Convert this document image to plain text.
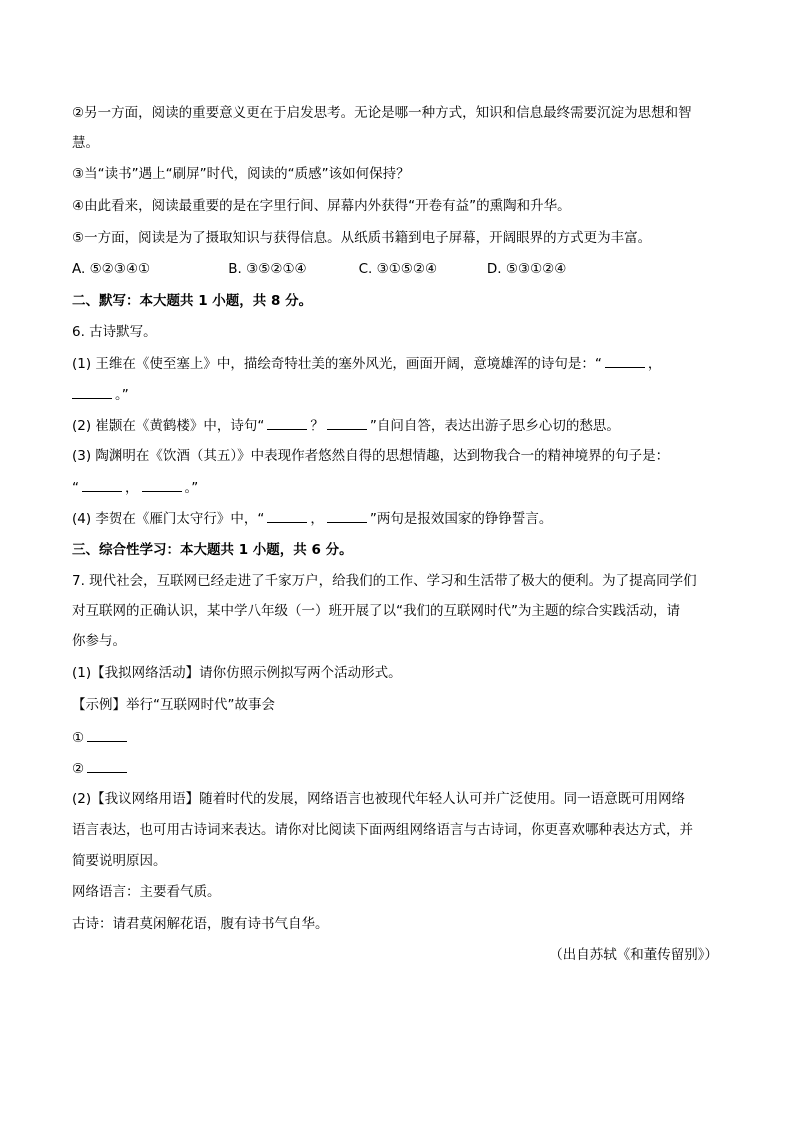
②另一方面，阅读的重要意义更在于启发思考。无论是哪一种方式，知识和信息最终需要沉淀为思想和智
慧。
③当“读书”遇上“刷屏”时代，阅读的“质感”该如何保持？
④由此看来，阅读最重要的是在字里行间、屏幕内外获得“开卷有益”的熏陶和升华。
⑤一方面，阅读是为了摄取知识与获得信息。从纸质书籍到电子屏幕，开阔眼界的方式更为丰富。
A. ⑤②③④①	B. ③⑤②①④	C. ③①⑤②④	D. ⑤③①②④
二、默写：本大题共 1 小题，共 8 分。
6. 古诗默写。
(1) 王维在《使至塞上》中，描绘奇特壮美的塞外风光，画面开阔，意境雄浑的诗句是：“	，
。”
(2) 崔颢在《黄鹤楼》中，诗句“	？	”自问自答，表达出游子思乡心切的愁思。
(3) 陶渊明在《饮酒（其五）》中表现作者悠然自得的思想情趣，达到物我合一的精神境界的句子是：
“	，	。”
(4) 李贺在《雁门太守行》中，“	，	”两句是报效国家的铮铮誓言。
三、综合性学习：本大题共 1 小题，共 6 分。
7. 现代社会，互联网已经走进了千家万户，给我们的工作、学习和生活带了极大的便利。为了提高同学们
对互联网的正确认识，某中学八年级（一）班开展了以“我们的互联网时代”为主题的综合实践活动，请
你参与。
(1)【我拟网络活动】请你仿照示例拟写两个活动形式。
【示例】举行“互联网时代”故事会
①
②
(2)【我议网络用语】随着时代的发展，网络语言也被现代年轻人认可并广泛使用。同一语意既可用网络
语言表达，也可用古诗词来表达。请你对比阅读下面两组网络语言与古诗词，你更喜欢哪种表达方式，并
简要说明原因。
网络语言：主要看气质。
古诗：请君莫闲解花语，腹有诗书气自华。
（出自苏轼《和董传留别》）
